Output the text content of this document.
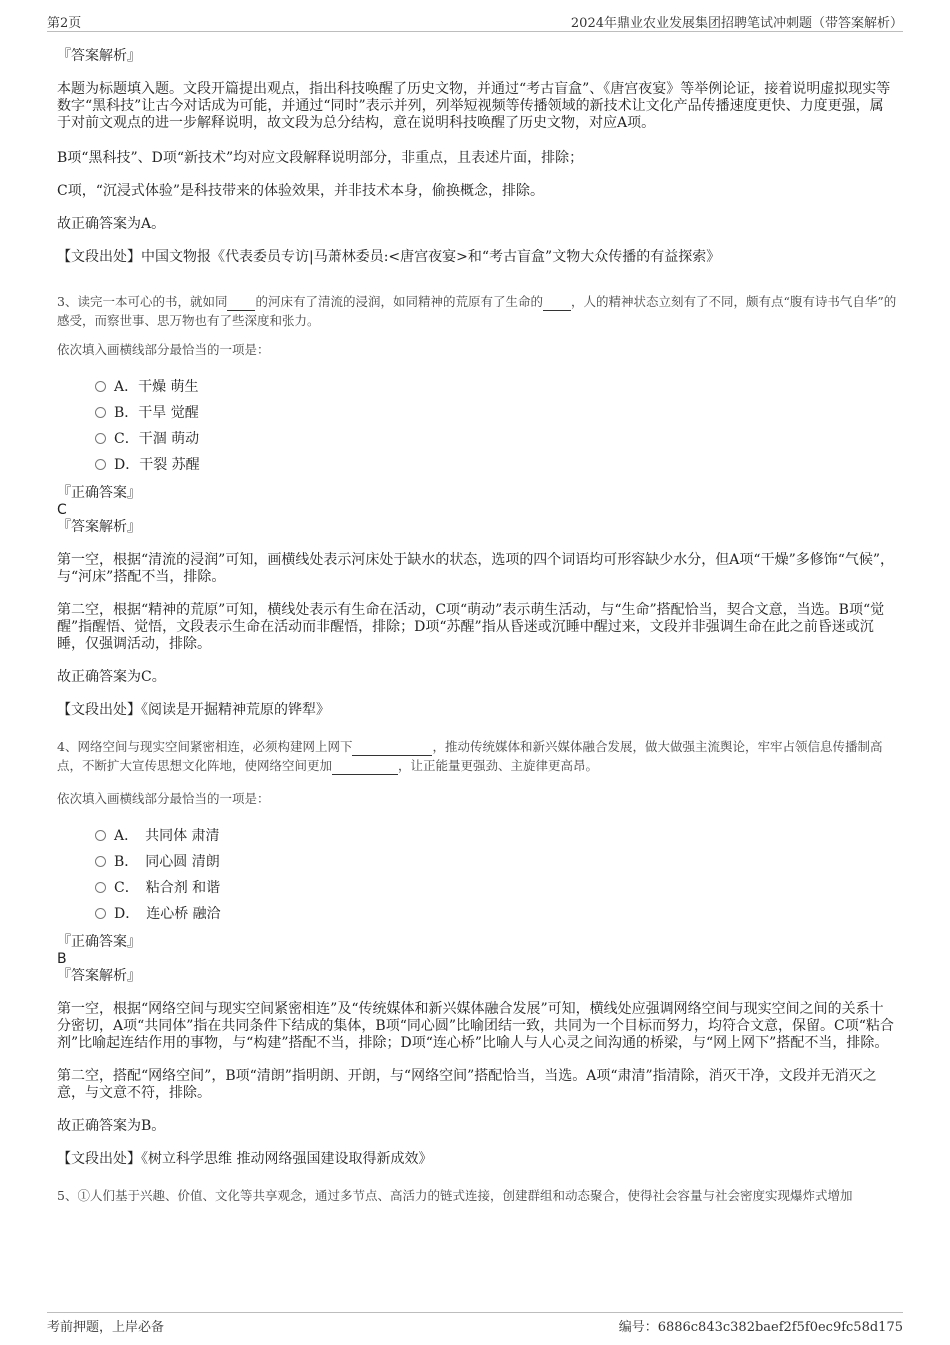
第2页	2024年鼎业农业发展集团招聘笔试冲刺题（带答案解析）
『答案解析』
本题为标题填入题。文段开篇提出观点，指出科技唤醒了历史文物，并通过“考古盲盒”、《唐宫夜宴》等举例论证，接着说明虚拟现实等数字“黑科技”让古今对话成为可能，并通过“同时”表示并列，列举短视频等传播领域的新技术让文化产品传播速度更快、力度更强，属于对前文观点的进一步解释说明，故文段为总分结构，意在说明科技唤醒了历史文物，对应A项。
B项“黑科技”、D项“新技术”均对应文段解释说明部分，非重点，且表述片面，排除；
C项，“沉浸式体验”是科技带来的体验效果，并非技术本身，偷换概念，排除。
故正确答案为A。
【文段出处】中国文物报《代表委员专访|马萧林委员:<唐宫夜宴>和“考古盲盒”文物大众传播的有益探索》
3、读完一本可心的书，就如同 的河床有了清流的浸润，如同精神的荒原有了生命的 ，人的精神状态立刻有了不同，颇有点“腹有诗书气自华”的感受，而察世事、思万物也有了些深度和张力。
依次填入画横线部分最恰当的一项是：
A．干燥 萌生
B．干旱 觉醒
C．干涸 萌动
D．干裂 苏醒
『正确答案』
C
『答案解析』
第一空，根据“清流的浸润”可知，画横线处表示河床处于缺水的状态，选项的四个词语均可形容缺少水分，但A项“干燥”多修饰“气候”，与“河床”搭配不当，排除。
第二空，根据“精神的荒原”可知，横线处表示有生命在活动，C项“萌动”表示萌生活动，与“生命”搭配恰当，契合文意，当选。B项“觉醒”指醒悟、觉悟，文段表示生命在活动而非醒悟，排除；D项“苏醒”指从昏迷或沉睡中醒过来，文段并非强调生命在此之前昏迷或沉睡，仅强调活动，排除。
故正确答案为C。
【文段出处】《阅读是开掘精神荒原的铧犁》
4、网络空间与现实空间紧密相连，必须构建网上网下	，推动传统媒体和新兴媒体融合发展，做大做强主流舆论，牢牢占领信息传播制高点，不断扩大宣传思想文化阵地，使网络空间更加	，让正能量更强劲、主旋律更高昂。
依次填入画横线部分最恰当的一项是：
A．　共同体 肃清
B．　同心圆 清朗
C．　粘合剂 和谐
D．　连心桥 融洽
『正确答案』
B
『答案解析』
第一空，根据“网络空间与现实空间紧密相连”及“传统媒体和新兴媒体融合发展”可知，横线处应强调网络空间与现实空间之间的关系十分密切，A项“共同体”指在共同条件下结成的集体，B项“同心圆”比喻团结一致，共同为一个目标而努力，均符合文意，保留。C项“粘合剂”比喻起连结作用的事物，与“构建”搭配不当，排除；D项“连心桥”比喻人与人心灵之间沟通的桥梁，与“网上网下”搭配不当，排除。
第二空，搭配“网络空间”，B项“清朗”指明朗、开朗，与“网络空间”搭配恰当，当选。A项“肃清”指清除，消灭干净，文段并无消灭之意，与文意不符，排除。
故正确答案为B。
【文段出处】《树立科学思维 推动网络强国建设取得新成效》
5、①人们基于兴趣、价值、文化等共享观念，通过多节点、高活力的链式连接，创建群组和动态聚合，使得社会容量与社会密度实现爆炸式增加
考前押题，上岸必备	编号：6886c843c382baef2f5f0ec9fc58d175
